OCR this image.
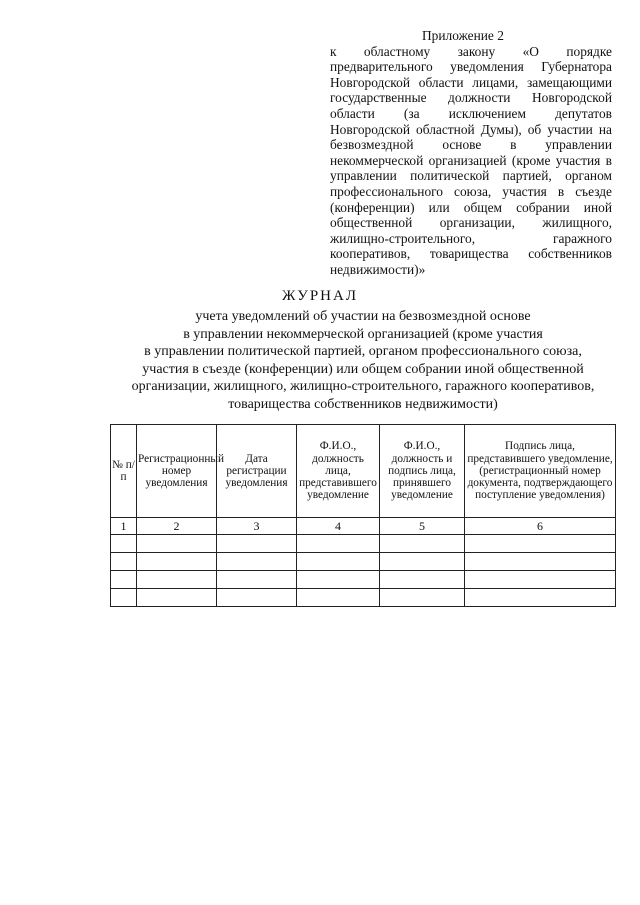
Приложение 2
к областному закону «О порядке предварительного уведомления Губернатора Новгородской области лицами, замещающими государственные должности Новгородской области (за исключением депутатов Новгородской областной Думы), об участии на безвозмездной основе в управлении некоммерческой организацией (кроме участия в управлении политической партией, органом профессионального союза, участия в съезде (конференции) или общем собрании иной общественной организации, жилищного, жилищно-строительного, гаражного кооперативов, товарищества собственников недвижимости)»
ЖУРНАЛ
учета уведомлений об участии на безвозмездной основе
в управлении некоммерческой организацией (кроме участия
в управлении политической партией, органом профессионального союза,
участия в съезде (конференции) или общем собрании иной общественной
организации, жилищного, жилищно-строительного, гаражного кооперативов,
товарищества собственников недвижимости)
№ п/п	Регистрационный номер уведомления	Дата регистрации уведомления	Ф.И.О., должность лица, представившего уведомление	Ф.И.О., должность и подпись лица, принявшего уведомление	Подпись лица, представившего уведомление, (регистрационный номер документа, подтверждающего поступление уведомления)
1	2	3	4	5	6
